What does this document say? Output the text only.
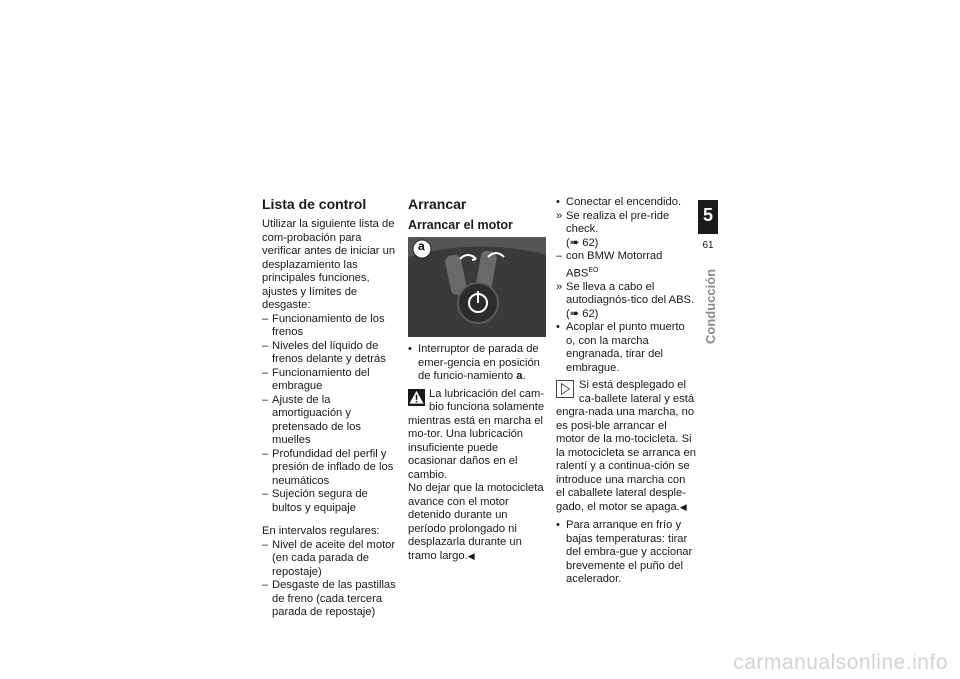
Lista de control

Utilizar la siguiente lista de com-probación para verificar antes de iniciar un desplazamiento las principales funciones, ajustes y límites de desgaste:

– Funcionamiento de los frenos
– Niveles del líquido de frenos delante y detrás
– Funcionamiento del embrague
– Ajuste de la amortiguación y pretensado de los muelles
– Profundidad del perfil y presión de inflado de los neumáticos
– Sujeción segura de bultos y equipaje

En intervalos regulares:

– Nivel de aceite del motor (en cada parada de repostaje)
– Desgaste de las pastillas de freno (cada tercera parada de repostaje)
Arrancar
Arrancar el motor
a
• Interruptor de parada de emer-gencia en posición de funcio-namiento a.

La lubricación del cam-bio funciona solamente mientras está en marcha el mo-tor. Una lubricación insuficiente puede ocasionar daños en el cambio.

No dejar que la motocicleta avance con el motor detenido durante un período prolongado ni desplazarla durante un tramo largo.◀

• Conectar el encendido.
» Se realiza el pre-ride check.
(➠ 62)
– con BMW Motorrad $ABS^{EO}$
» Se lleva a cabo el autodiagnós-tico del ABS. (➠ 62)
• Acoplar el punto muerto o, con la marcha engranada, tirar del embrague.

Si está desplegado el ca-ballete lateral y está engra-nada una marcha, no es posi-ble arrancar el motor de la mo-tocicleta. Si la motocicleta se arranca en ralentí y a continua-ción se introduce una marcha con el caballete lateral desple-gado, el motor se apaga.◀

• Para arranque en frío y bajas temperaturas: tirar del embra-gue y accionar brevemente el puño del acelerador.
5
61
Conducción
carmanualsonline.info
